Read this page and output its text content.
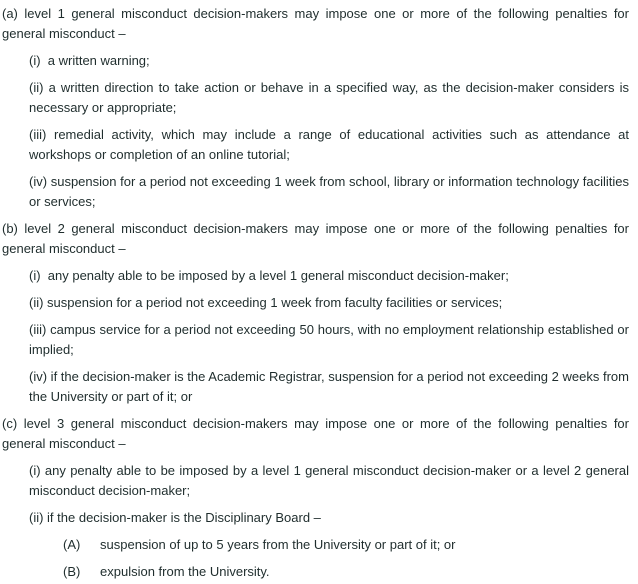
(a) level 1 general misconduct decision-makers may impose one or more of the following penalties for general misconduct –

(i)  a written warning;

(ii) a written direction to take action or behave in a specified way, as the decision-maker considers is necessary or appropriate;

(iii) remedial activity, which may include a range of educational activities such as attendance at workshops or completion of an online tutorial;

(iv) suspension for a period not exceeding 1 week from school, library or information technology facilities or services;

(b) level 2 general misconduct decision-makers may impose one or more of the following penalties for general misconduct –

(i)  any penalty able to be imposed by a level 1 general misconduct decision-maker;

(ii) suspension for a period not exceeding 1 week from faculty facilities or services;

(iii) campus service for a period not exceeding 50 hours, with no employment relationship established or implied;

(iv) if the decision-maker is the Academic Registrar, suspension for a period not exceeding 2 weeks from the University or part of it; or

(c) level 3 general misconduct decision-makers may impose one or more of the following penalties for general misconduct –

(i) any penalty able to be imposed by a level 1 general misconduct decision-maker or a level 2 general misconduct decision-maker;

(ii) if the decision-maker is the Disciplinary Board –

(A) suspension of up to 5 years from the University or part of it; or

(B) expulsion from the University.
